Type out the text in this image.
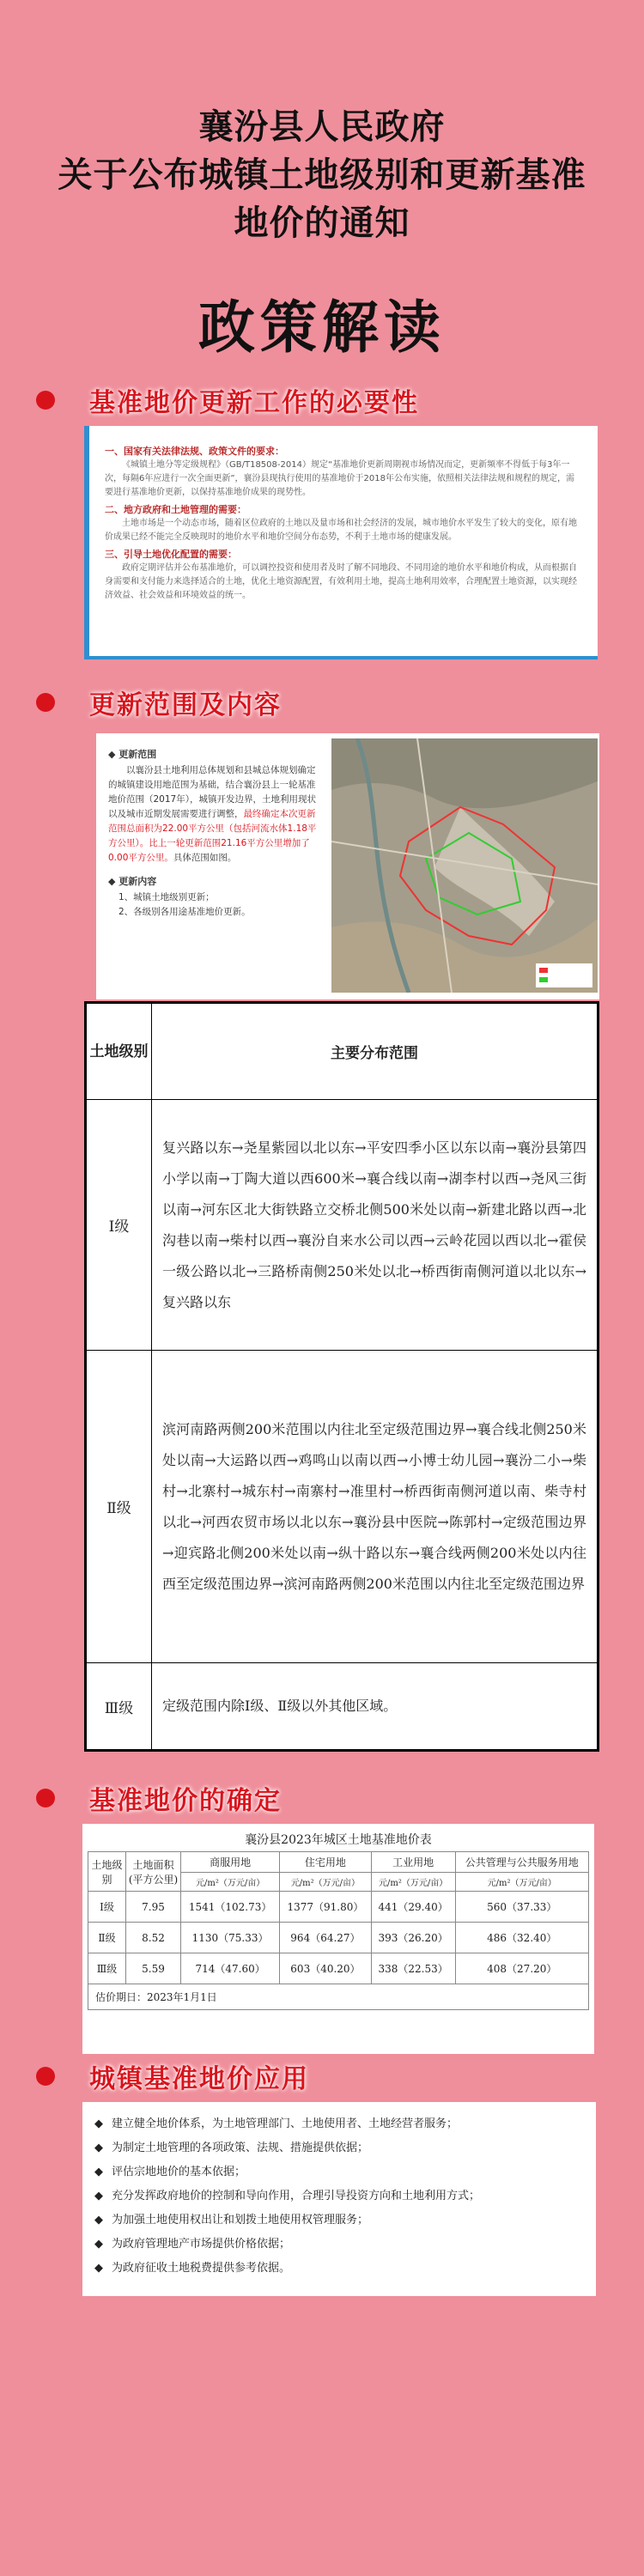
襄汾县人民政府
关于公布城镇土地级别和更新基准
地价的通知
政策解读
基准地价更新工作的必要性
一、国家有关法律法规、政策文件的要求：

《城镇土地分等定级规程》（GB/T18508-2014）规定“基准地价更新周期视市场情况而定，更新频率不得低于每3年一次，每隔6年应进行一次全面更新”，襄汾县现执行使用的基准地价于2018年公布实施，依照相关法律法规和规程的规定，需要进行基准地价更新，以保持基准地价成果的现势性。

二、地方政府和土地管理的需要：

土地市场是一个动态市场，随着区位政府的土地以及量市场和社会经济的发展，城市地价水平发生了较大的变化，原有地价成果已经不能完全反映现时的地价水平和地价空间分布态势，不利于土地市场的健康发展。

三、引导土地优化配置的需要：

政府定期评估并公布基准地价，可以调控投资和使用者及时了解不同地段、不同用途的地价水平和地价构成，从而根据自身需要和支付能力来选择适合的土地，优化土地资源配置，有效利用土地，提高土地利用效率，合理配置土地资源，以实现经济效益、社会效益和环境效益的统一。

更新范围及内容
◆ 更新范围
以襄汾县土地利用总体规划和县城总体规划确定的城镇建设用地范围为基础，结合襄汾县上一轮基准地价范围（2017年），城镇开发边界，土地利用现状以及城市近期发展需要进行调整，最终确定本次更新范围总面积为22.00平方公里（包括河流水体1.18平方公里）。比上一轮更新范围21.16平方公里增加了0.00平方公里。具体范围如图。
◆ 更新内容
1、城镇土地级别更新；
2、各级别各用途基准地价更新。
土地级别	主要分布范围
Ⅰ级	复兴路以东→尧星紫园以北以东→平安四季小区以东以南→襄汾县第四小学以南→丁陶大道以西600米→襄合线以南→湖李村以西→尧风三街以南→河东区北大街铁路立交桥北侧500米处以南→新建北路以西→北沟巷以南→柴村以西→襄汾自来水公司以西→云岭花园以西以北→霍侯一级公路以北→三路桥南侧250米处以北→桥西街南侧河道以北以东→复兴路以东
Ⅱ级	滨河南路两侧200米范围以内往北至定级范围边界→襄合线北侧250米处以南→大运路以西→鸡鸣山以南以西→小博士幼儿园→襄汾二小→柴村→北寨村→城东村→南寨村→准里村→桥西街南侧河道以南、柴寺村以北→河西农贸市场以北以东→襄汾县中医院→陈郭村→定级范围边界→迎宾路北侧200米处以南→纵十路以东→襄合线两侧200米处以内往西至定级范围边界→滨河南路两侧200米范围以内往北至定级范围边界
Ⅲ级	定级范围内除Ⅰ级、Ⅱ级以外其他区域。
基准地价的确定
襄汾县2023年城区土地基准地价表
土地级别	土地面积(平方公里)	商服用地	住宅用地	工业用地	公共管理与公共服务用地
		元/m²（万元/亩）	元/m²（万元/亩）	元/m²（万元/亩）	元/m²（万元/亩）
Ⅰ级	7.95	1541（102.73）	1377（91.80）	441（29.40）	560（37.33）
Ⅱ级	8.52	1130（75.33）	964（64.27）	393（26.20）	486（32.40）
Ⅲ级	5.59	714（47.60）	603（40.20）	338（22.53）	408（27.20）
估价期日：2023年1月1日					
城镇基准地价应用
◆ 建立健全地价体系，为土地管理部门、土地使用者、土地经营者服务；
◆ 为制定土地管理的各项政策、法规、措施提供依据；
◆ 评估宗地地价的基本依据；
◆ 充分发挥政府地价的控制和导向作用，合理引导投资方向和土地利用方式；
◆ 为加强土地使用权出让和划拨土地使用权管理服务；
◆ 为政府管理地产市场提供价格依据；
◆ 为政府征收土地税费提供参考依据。
